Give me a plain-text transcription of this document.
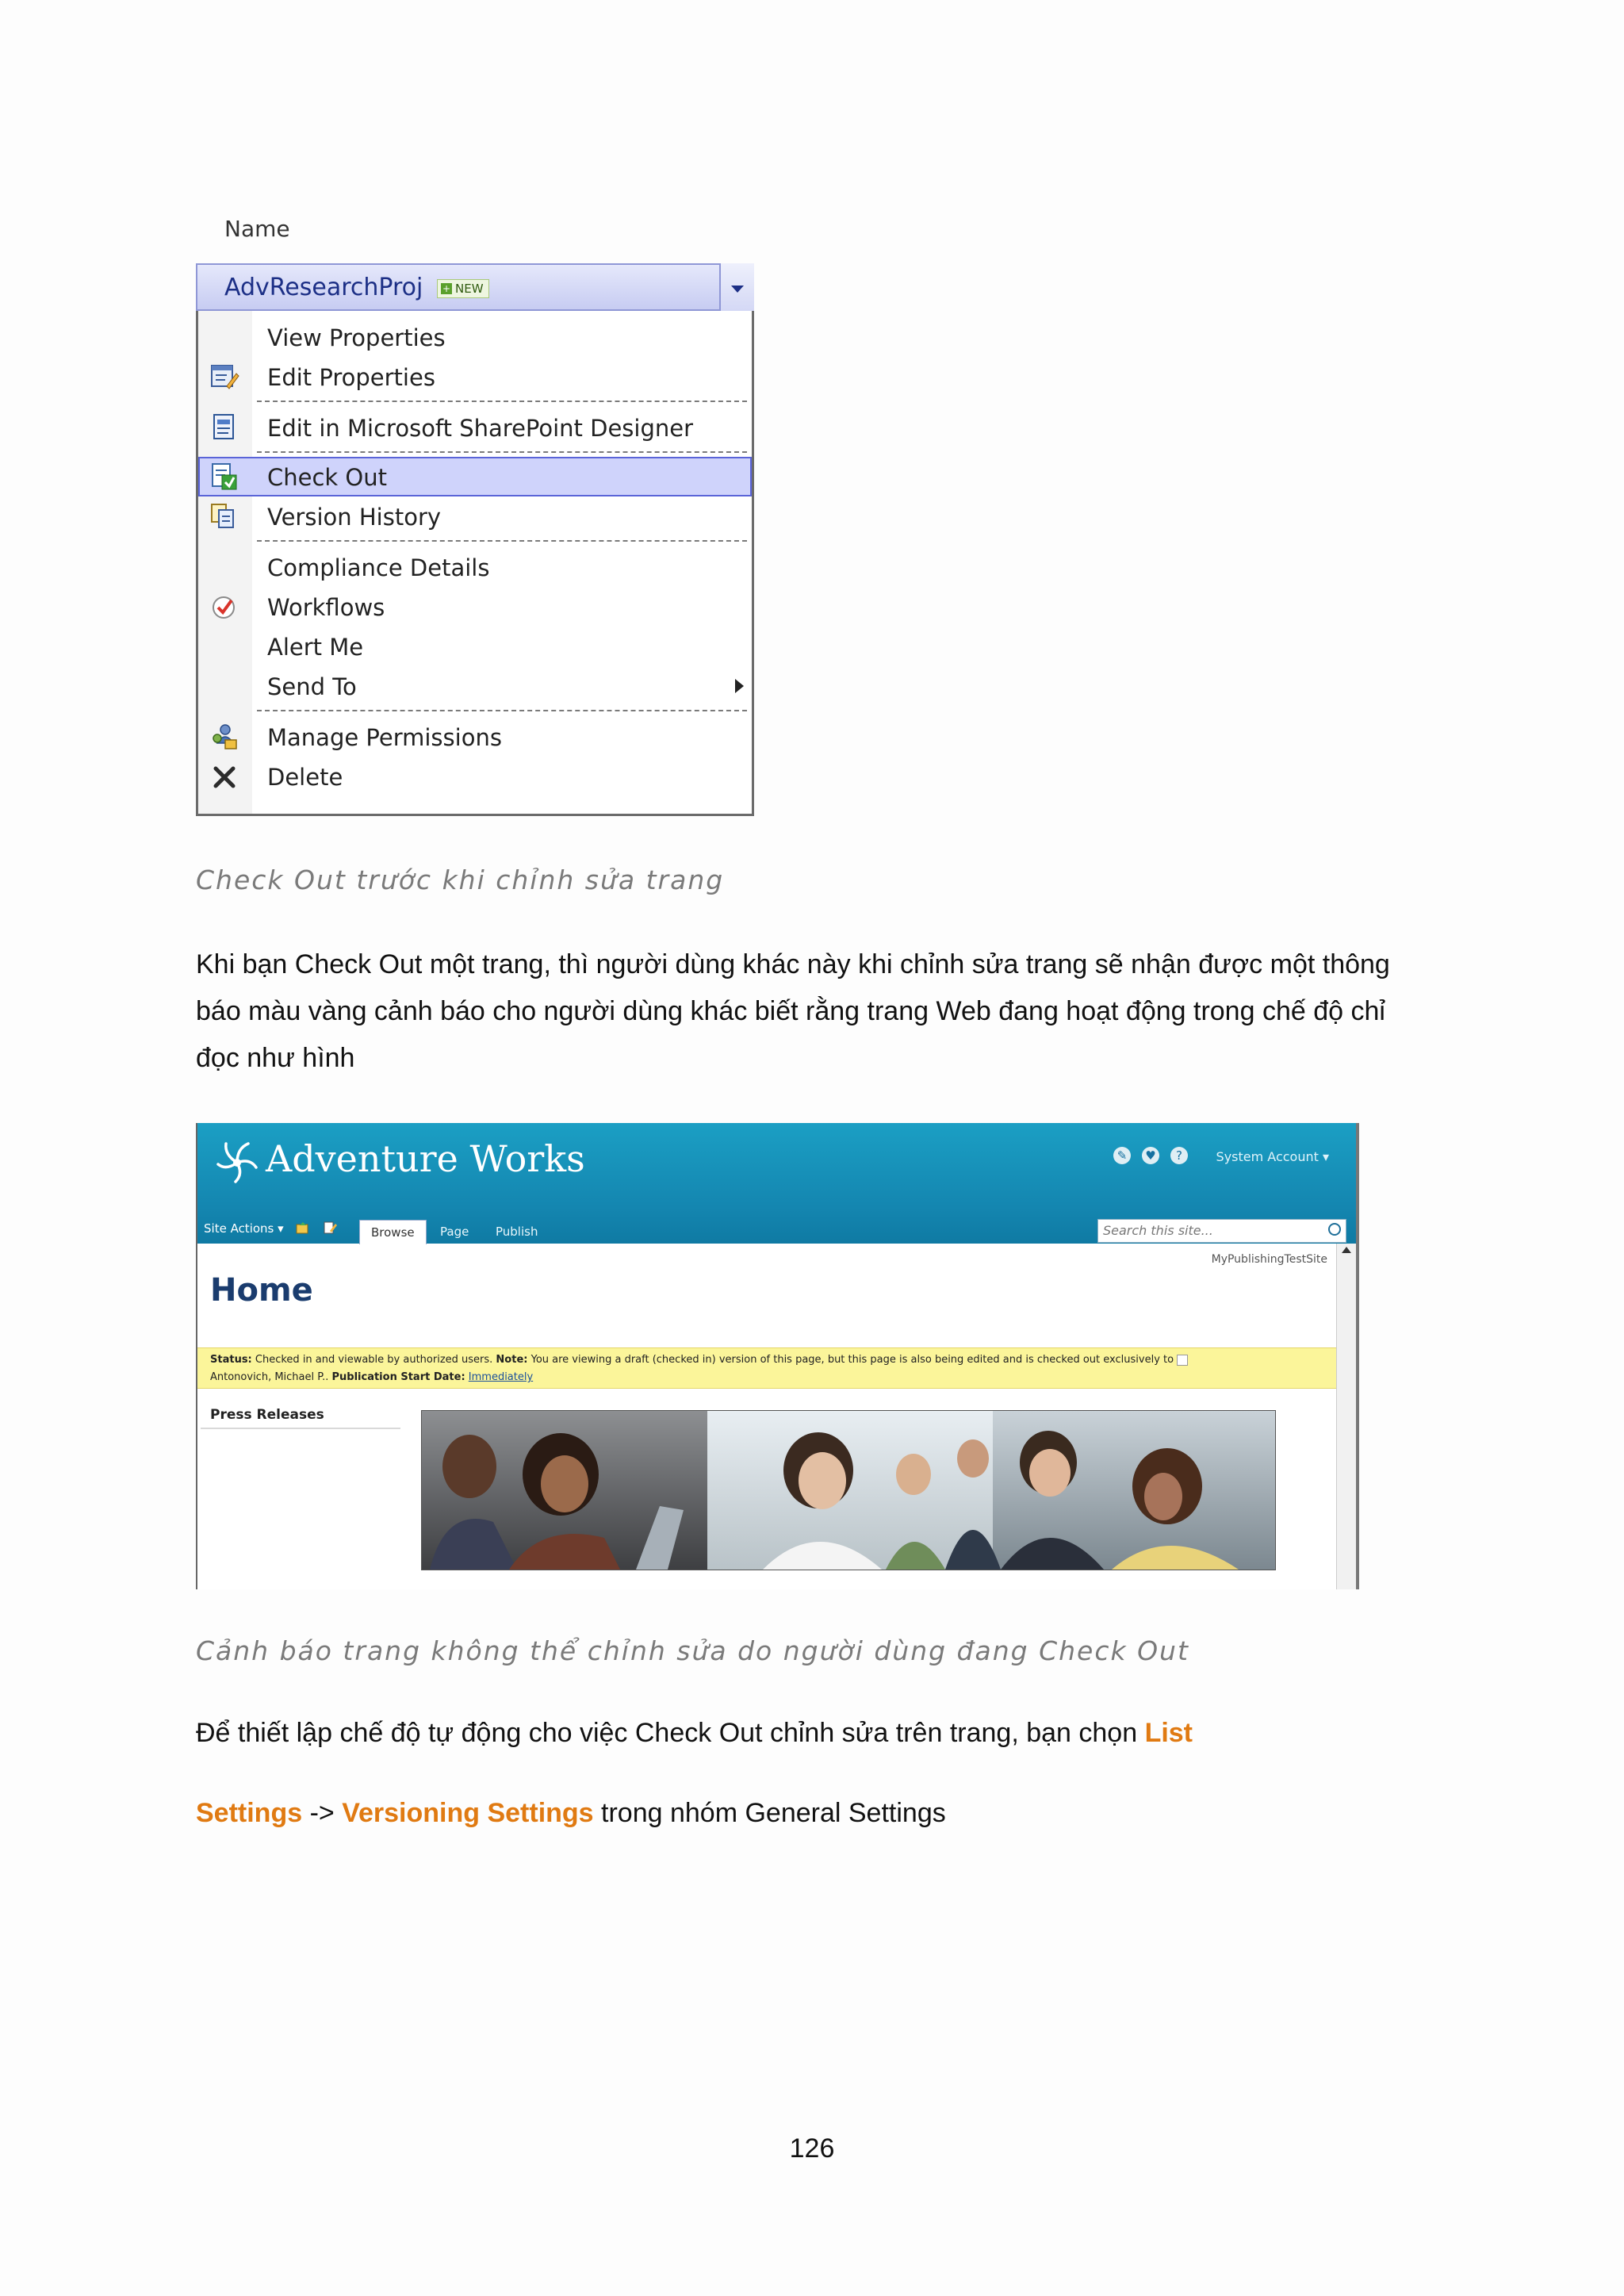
Name
AdvResearchProj + NEW
View Properties
Edit Properties
Edit in Microsoft SharePoint Designer
Check Out
Version History
Compliance Details
Workflows
Alert Me
Send To
Manage Permissions
Delete
Check Out trước khi chỉnh sửa trang
Khi bạn Check Out một trang, thì người dùng khác này khi chỉnh sửa trang sẽ nhận được một thông
báo màu vàng cảnh báo cho người dùng khác biết rằng trang Web đang hoạt động trong chế độ chỉ
đọc như hình
Adventure Works	✎	♥	?	System Account ▾
Site Actions ▾	Browse	Page Publish	Search this site...
MyPublishingTestSite
Home
Status: Checked in and viewable by authorized users. Note: You are viewing a draft (checked in) version of this page, but this page is also being edited and is checked out exclusively to
Antonovich, Michael P.. Publication Start Date: Immediately
Press Releases
Cảnh báo trang không thể chỉnh sửa do người dùng đang Check Out
Để thiết lập chế độ tự động cho việc Check Out chỉnh sửa trên trang, bạn chọn List
Settings -> Versioning Settings trong nhóm General Settings
126
